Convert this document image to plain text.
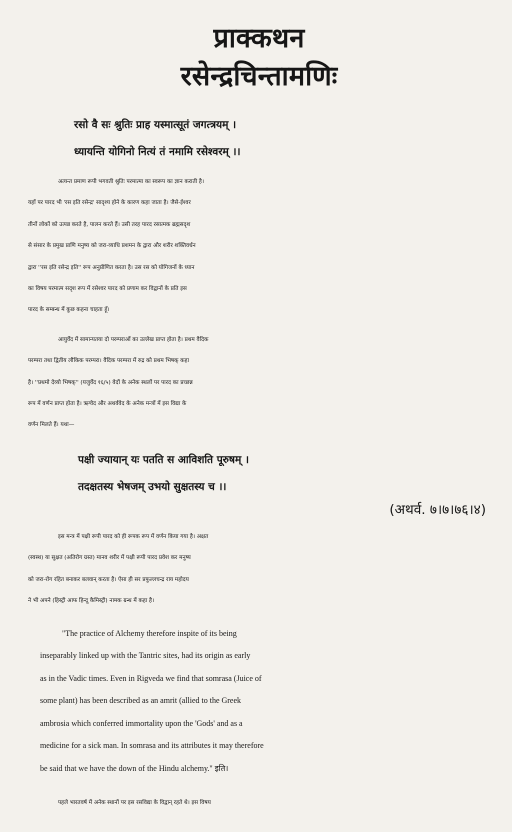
प्राक्कथन
रसेन्द्रचिन्तामणिः
रसो वै सः श्रुतिः प्राह यस्मात्सूतं जगत्त्रयम् ।
ध्यायन्ति योगिनो नित्यं तं नमामि रसेश्वरम् ।।

अत्यन्त प्रमाण रूपी भगवती श्रुतिः परमात्मा का स्वरूप का ज्ञान कराती है।
यहाँ पर पारद भी 'रस इति रसेन्द्र' सादृश्य होने के कारण कहा जाता है। जैसे-ईश्वर
तीनों लोकों को उत्पन्न करते है, पालन करते हैं। उसी तरह पारद रसात्मक ब्रह्मसदृश
से संसार के प्रमुख प्राणि मनुष्य को जरा-व्याधि प्रशमन के द्वारा और शरीर शक्तिवर्धन
द्वारा ''रस इति रसेन्द्र इति'' रूप अनुप्रीणित करता है। उस रस को योगिजनों के ध्यान
का विषय परमात्म सदृश रूप में रसेश्वर पारद को प्रणाम कर विद्वानों के प्रति इस
पारद के सम्बन्ध में कुछ कहना चाहता हूँ।

आयुर्वेद में सामान्यतया दो परम्पराओं का उल्लेख प्राप्त होता है। प्रथम वैदिक
परम्परा तथा द्वितीय लौकिक परम्परा। वैदिक परम्परा में रुद्र को प्रथम भिषक् कहा
है। ''प्रथमो देव्यो भिषक्'' (यजुर्वेद १६/५) वेदों के अनेक स्थलों पर पारद का प्रच्छन्न
रूप में वर्णन प्राप्त होता है। ऋग्वेद और अथर्ववेद के अनेक मन्त्रों में इस विद्या के
वर्णन मिलते हैं। यथा—

पक्षी ज्यायान् यः पतति स आविशति पूरुषम् ।
तदक्षतस्य भेषजम् उभयो सुक्षतस्य च ।।

(अथर्व. ७।७।७६।४)

इस मन्त्र में पक्षी रूपी पारद को ही रूपक रूप में वर्णन किया गया है। अक्षत
(स्वस्थ) या सुक्षत (अतिरोग ग्रस्त) मानव शरीर में पक्षी रूपी पारद प्रवेश कर मनुष्य
को जरा-रोग रहित बनाकर बलवान् करता है। ऐसा ही सर प्रफुल्लचन्द्र राय महोदय
ने भी अपने (हिस्ट्री आफ हिन्दू कैमिस्ट्री) नामक ग्रन्थ में कहा है।

"The practice of Alchemy therefore inspite of its being
inseparably linked up with the Tantric sites, had its origin as early
as in the Vadic times. Even in Rigveda we find that somrasa (Juice of
some plant) has been described as an amrit (allied to the Greek
ambrosia which conferred immortality upon the 'Gods' and as a
medicine for a sick man. In somrasa and its attributes it may therefore
be said that we have the down of the Hindu alchemy." इति।

पहले भारतवर्ष में अनेक स्थानों पर इस रसविद्या के विद्वान् रहते थे। इस विषय
